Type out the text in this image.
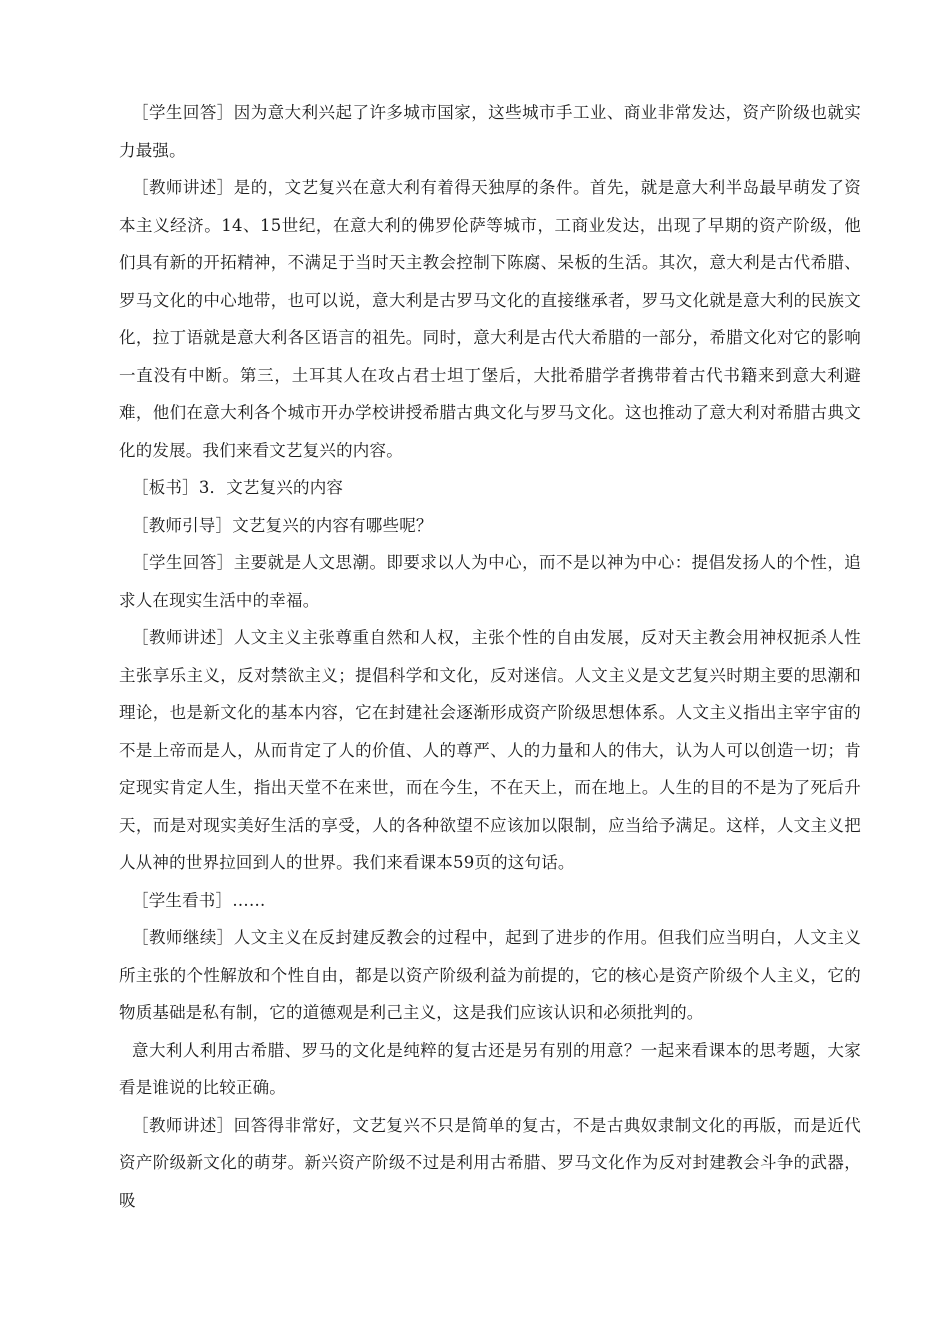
［学生回答］因为意大利兴起了许多城市国家，这些城市手工业、商业非常发达，资产阶级也就实力最强。

［教师讲述］是的，文艺复兴在意大利有着得天独厚的条件。首先，就是意大利半岛最早萌发了资本主义经济。14、15世纪，在意大利的佛罗伦萨等城市，工商业发达，出现了早期的资产阶级，他们具有新的开拓精神，不满足于当时天主教会控制下陈腐、呆板的生活。其次，意大利是古代希腊、罗马文化的中心地带，也可以说，意大利是古罗马文化的直接继承者，罗马文化就是意大利的民族文化，拉丁语就是意大利各区语言的祖先。同时，意大利是古代大希腊的一部分，希腊文化对它的影响一直没有中断。第三，土耳其人在攻占君士坦丁堡后，大批希腊学者携带着古代书籍来到意大利避难，他们在意大利各个城市开办学校讲授希腊古典文化与罗马文化。这也推动了意大利对希腊古典文化的发展。我们来看文艺复兴的内容。

［板书］3．文艺复兴的内容

［教师引导］文艺复兴的内容有哪些呢？

［学生回答］主要就是人文思潮。即要求以人为中心，而不是以神为中心：提倡发扬人的个性，追求人在现实生活中的幸福。

［教师讲述］人文主义主张尊重自然和人权，主张个性的自由发展，反对天主教会用神权扼杀人性主张享乐主义，反对禁欲主义；提倡科学和文化，反对迷信。人文主义是文艺复兴时期主要的思潮和理论，也是新文化的基本内容，它在封建社会逐渐形成资产阶级思想体系。人文主义指出主宰宇宙的不是上帝而是人，从而肯定了人的价值、人的尊严、人的力量和人的伟大，认为人可以创造一切；肯定现实肯定人生，指出天堂不在来世，而在今生，不在天上，而在地上。人生的目的不是为了死后升天，而是对现实美好生活的享受，人的各种欲望不应该加以限制，应当给予满足。这样，人文主义把人从神的世界拉回到人的世界。我们来看课本59页的这句话。

［学生看书］……

［教师继续］人文主义在反封建反教会的过程中，起到了进步的作用。但我们应当明白，人文主义所主张的个性解放和个性自由，都是以资产阶级利益为前提的，它的核心是资产阶级个人主义，它的物质基础是私有制，它的道德观是利己主义，这是我们应该认识和必须批判的。

意大利人利用古希腊、罗马的文化是纯粹的复古还是另有别的用意？一起来看课本的思考题，大家看是谁说的比较正确。

［教师讲述］回答得非常好，文艺复兴不只是简单的复古，不是古典奴隶制文化的再版，而是近代资产阶级新文化的萌芽。新兴资产阶级不过是利用古希腊、罗马文化作为反对封建教会斗争的武器，吸
